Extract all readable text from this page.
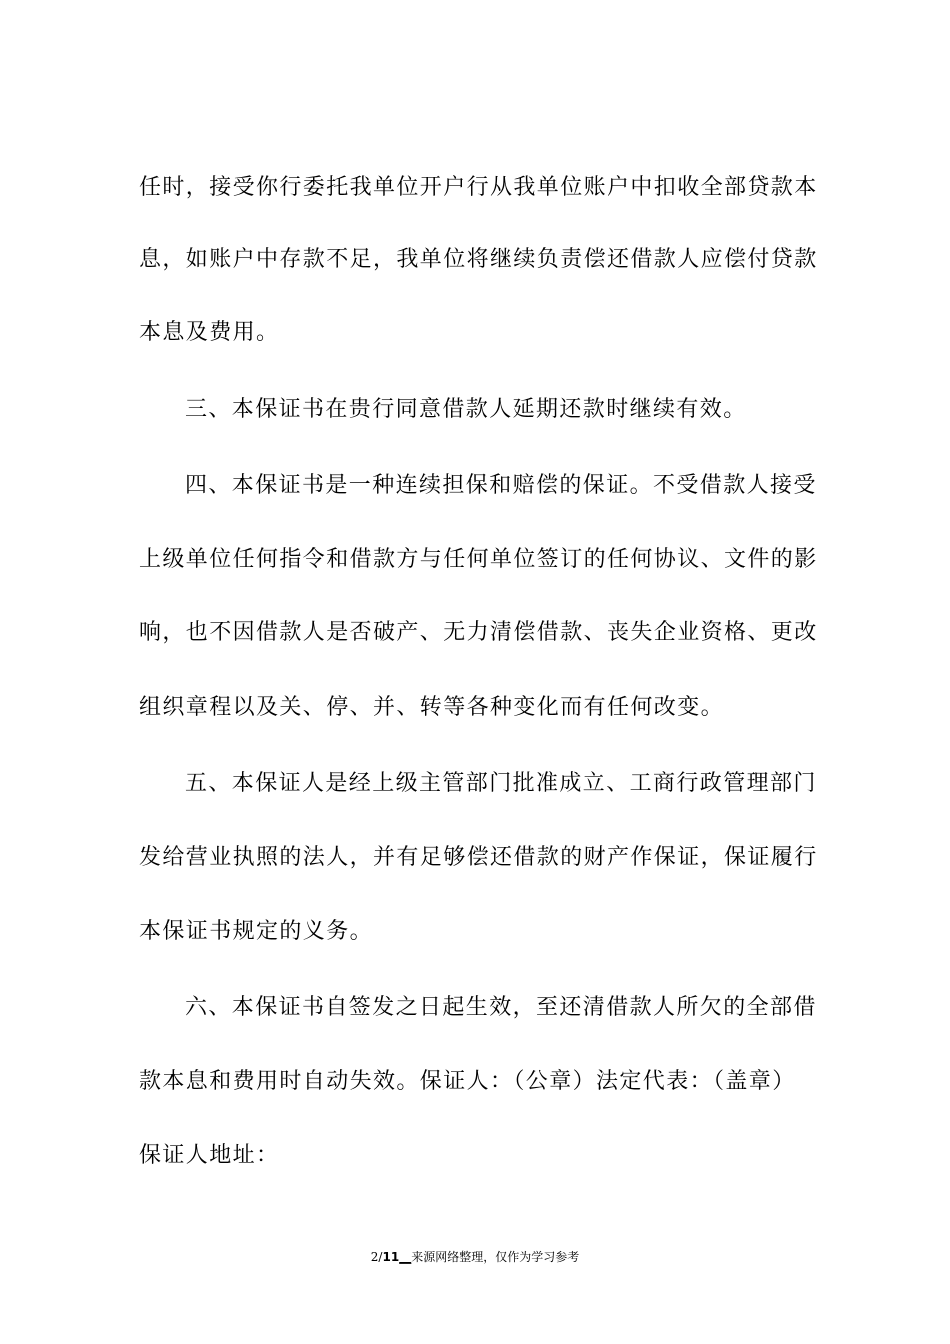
任时，接受你行委托我单位开户行从我单位账户中扣收全部贷款本
息，如账户中存款不足，我单位将继续负责偿还借款人应偿付贷款
本息及费用。
三、本保证书在贵行同意借款人延期还款时继续有效。
四、本保证书是一种连续担保和赔偿的保证。不受借款人接受
上级单位任何指令和借款方与任何单位签订的任何协议、文件的影
响，也不因借款人是否破产、无力清偿借款、丧失企业资格、更改
组织章程以及关、停、并、转等各种变化而有任何改变。
五、本保证人是经上级主管部门批准成立、工商行政管理部门
发给营业执照的法人，并有足够偿还借款的财产作保证，保证履行
本保证书规定的义务。
六、本保证书自签发之日起生效，至还清借款人所欠的全部借
款本息和费用时自动失效。保证人：（公章）法定代表：（盖章）
保证人地址：
2/11__来源网络整理，仅作为学习参考
